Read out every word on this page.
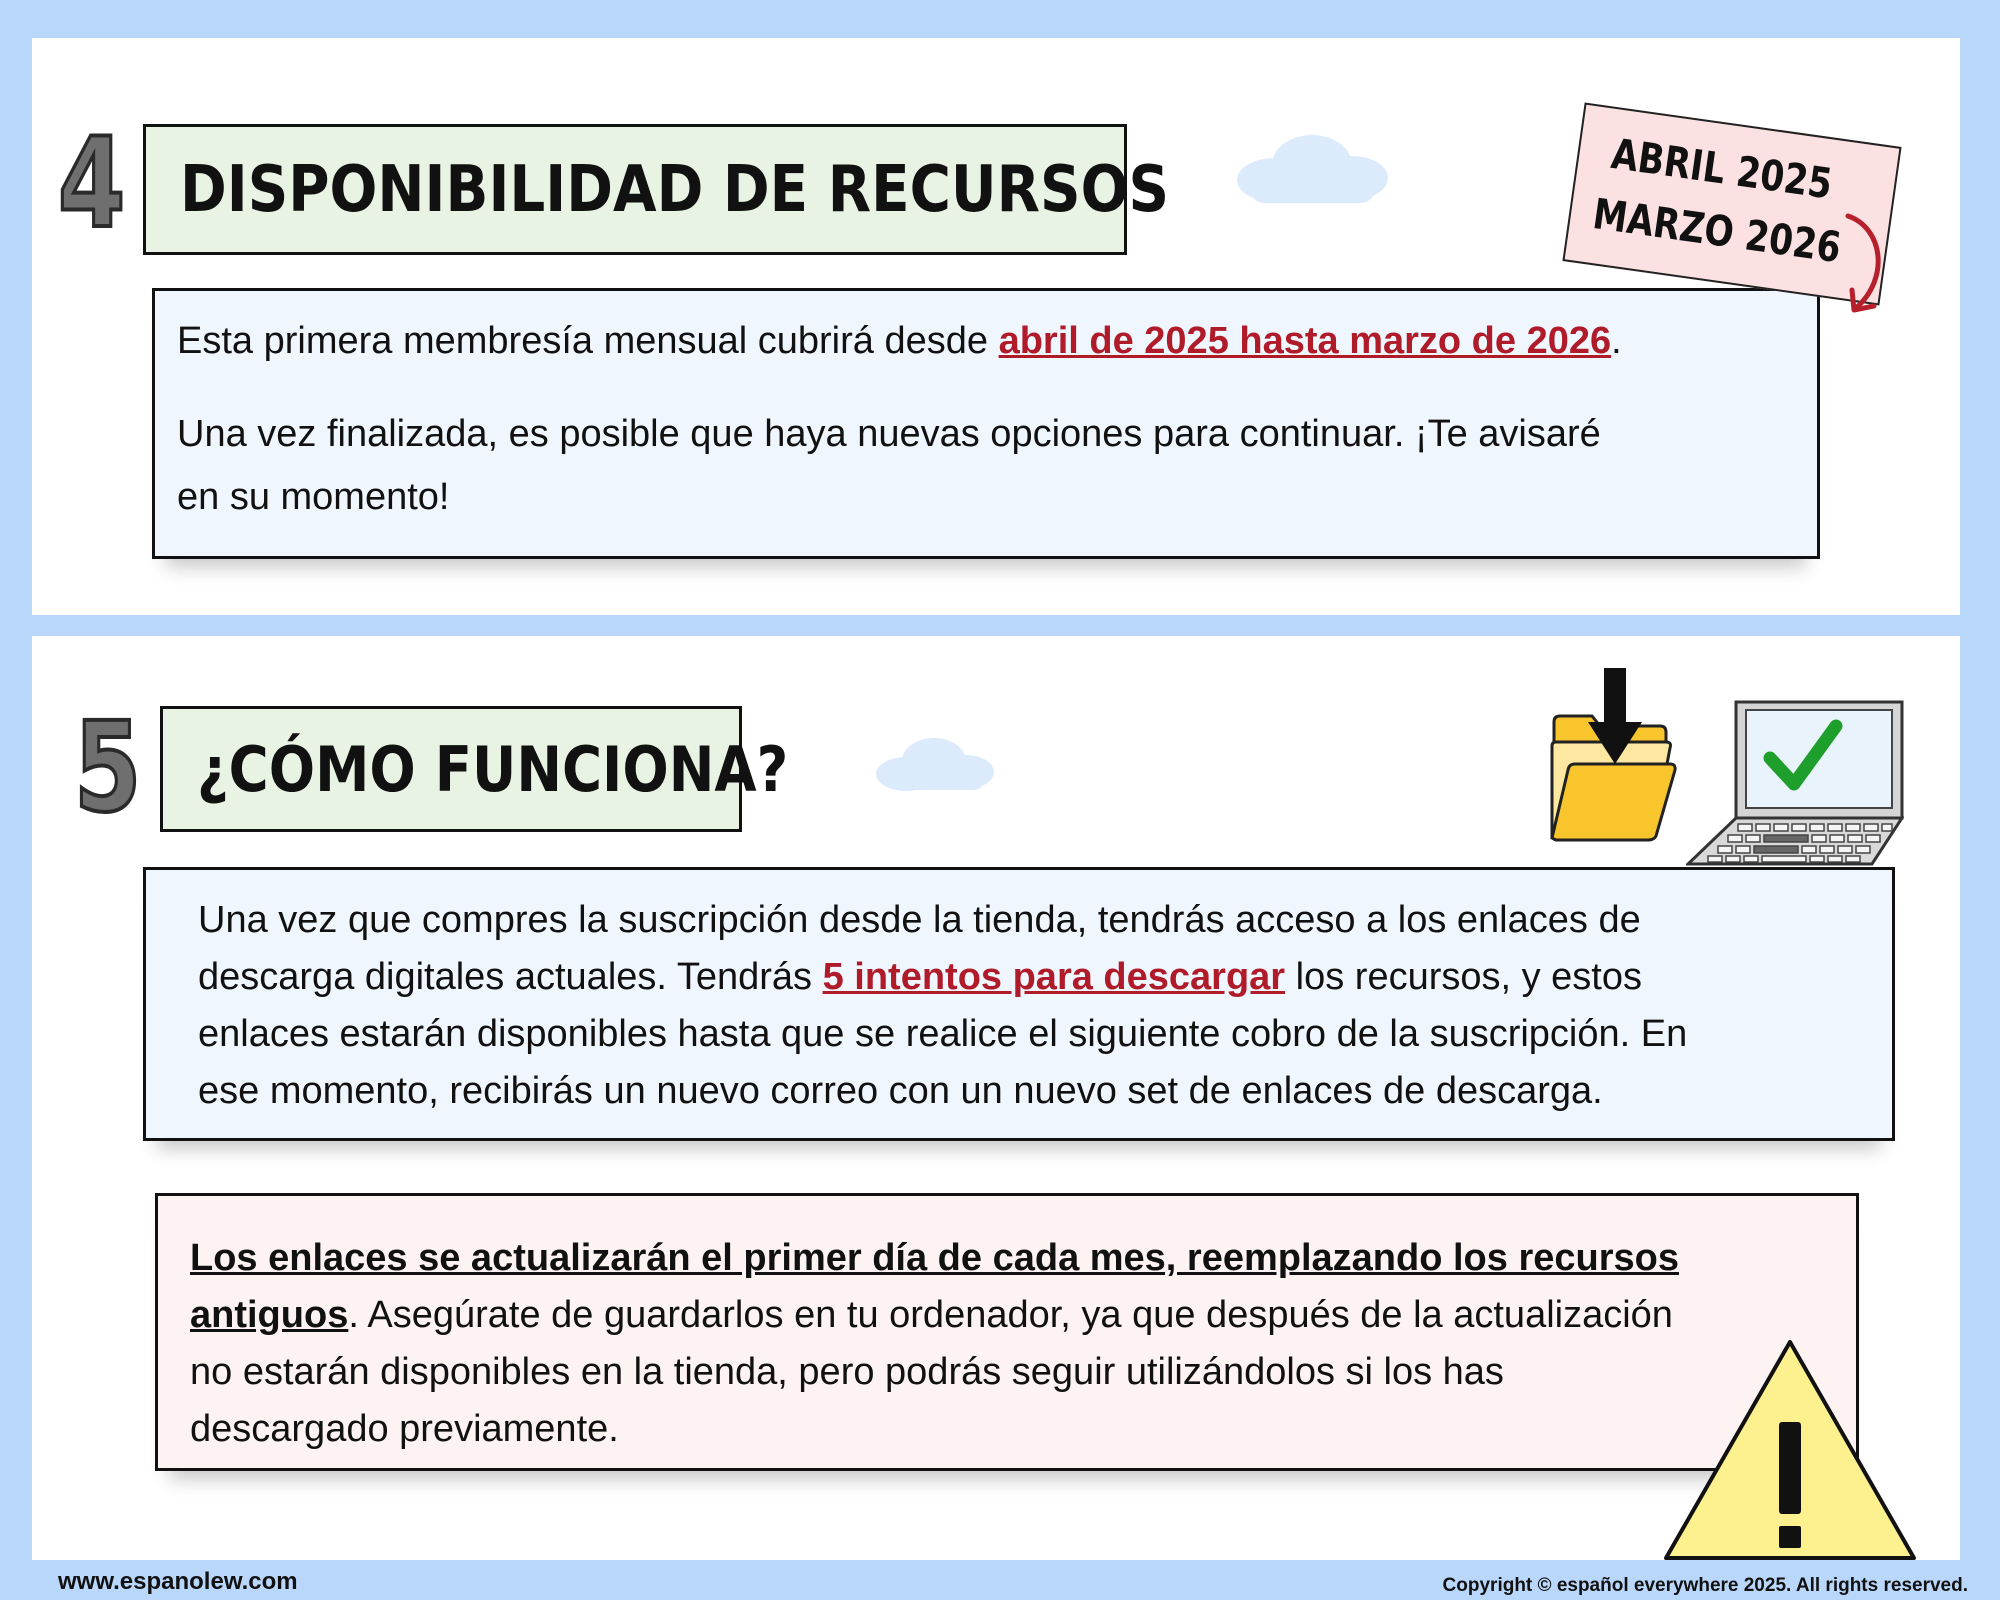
4 DISPONIBILIDAD DE RECURSOS
Esta primera membresía mensual cubrirá desde abril de 2025 hasta marzo de 2026.
Una vez finalizada, es posible que haya nuevas opciones para continuar. ¡Te avisaré
en su momento!
ABRIL 2025
MARZO 2026
5 ¿CÓMO FUNCIONA?
Una vez que compres la suscripción desde la tienda, tendrás acceso a los enlaces de
descarga digitales actuales. Tendrás 5 intentos para descargar los recursos, y estos
enlaces estarán disponibles hasta que se realice el siguiente cobro de la suscripción. En
ese momento, recibirás un nuevo correo con un nuevo set de enlaces de descarga.
Los enlaces se actualizarán el primer día de cada mes, reemplazando los recursos
antiguos. Asegúrate de guardarlos en tu ordenador, ya que después de la actualización
no estarán disponibles en la tienda, pero podrás seguir utilizándolos si los has
descargado previamente.
www.espanolew.com	Copyright © español everywhere 2025. All rights reserved.
